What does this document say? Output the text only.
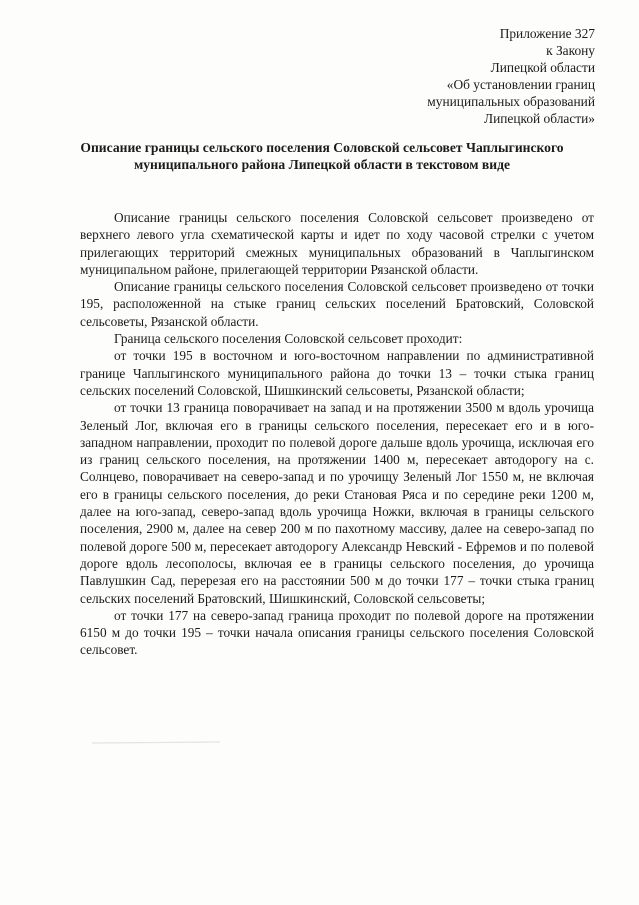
Приложение 327
к Закону
Липецкой области
«Об установлении границ
муниципальных образований
Липецкой области»
Описание границы сельского поселения Соловской сельсовет Чаплыгинского муниципального района Липецкой области в текстовом виде

Описание границы сельского поселения Соловской сельсовет произведено от верхнего левого угла схематической карты и идет по ходу часовой стрелки с учетом прилегающих территорий смежных муниципальных образований в Чаплыгинском муниципальном районе, прилегающей территории Рязанской области.

Описание границы сельского поселения Соловской сельсовет произведено от точки 195, расположенной на стыке границ сельских поселений Братовский, Соловской сельсоветы, Рязанской области.

Граница сельского поселения Соловской сельсовет проходит:

от точки 195 в восточном и юго-восточном направлении по административной границе Чаплыгинского муниципального района до точки 13 – точки стыка границ сельских поселений Соловской, Шишкинский сельсоветы, Рязанской области;

от точки 13 граница поворачивает на запад и на протяжении 3500 м вдоль урочища Зеленый Лог, включая его в границы сельского поселения, пересекает его и в юго-западном направлении, проходит по полевой дороге дальше вдоль урочища, исключая его из границ сельского поселения, на протяжении 1400 м, пересекает автодорогу на с. Солнцево, поворачивает на северо-запад и по урочищу Зеленый Лог 1550 м, не включая его в границы сельского поселения, до реки Становая Ряса и по середине реки 1200 м, далее на юго-запад, северо-запад вдоль урочища Ножки, включая в границы сельского поселения, 2900 м, далее на север 200 м по пахотному массиву, далее на северо-запад по полевой дороге 500 м, пересекает автодорогу Александр Невский - Ефремов и по полевой дороге вдоль лесополосы, включая ее в границы сельского поселения, до урочища Павлушкин Сад, перерезая его на расстоянии 500 м до точки 177 – точки стыка границ сельских поселений Братовский, Шишкинский, Соловской сельсоветы;

от точки 177 на северо-запад граница проходит по полевой дороге на протяжении 6150 м до точки 195 – точки начала описания границы сельского поселения Соловской сельсовет.
